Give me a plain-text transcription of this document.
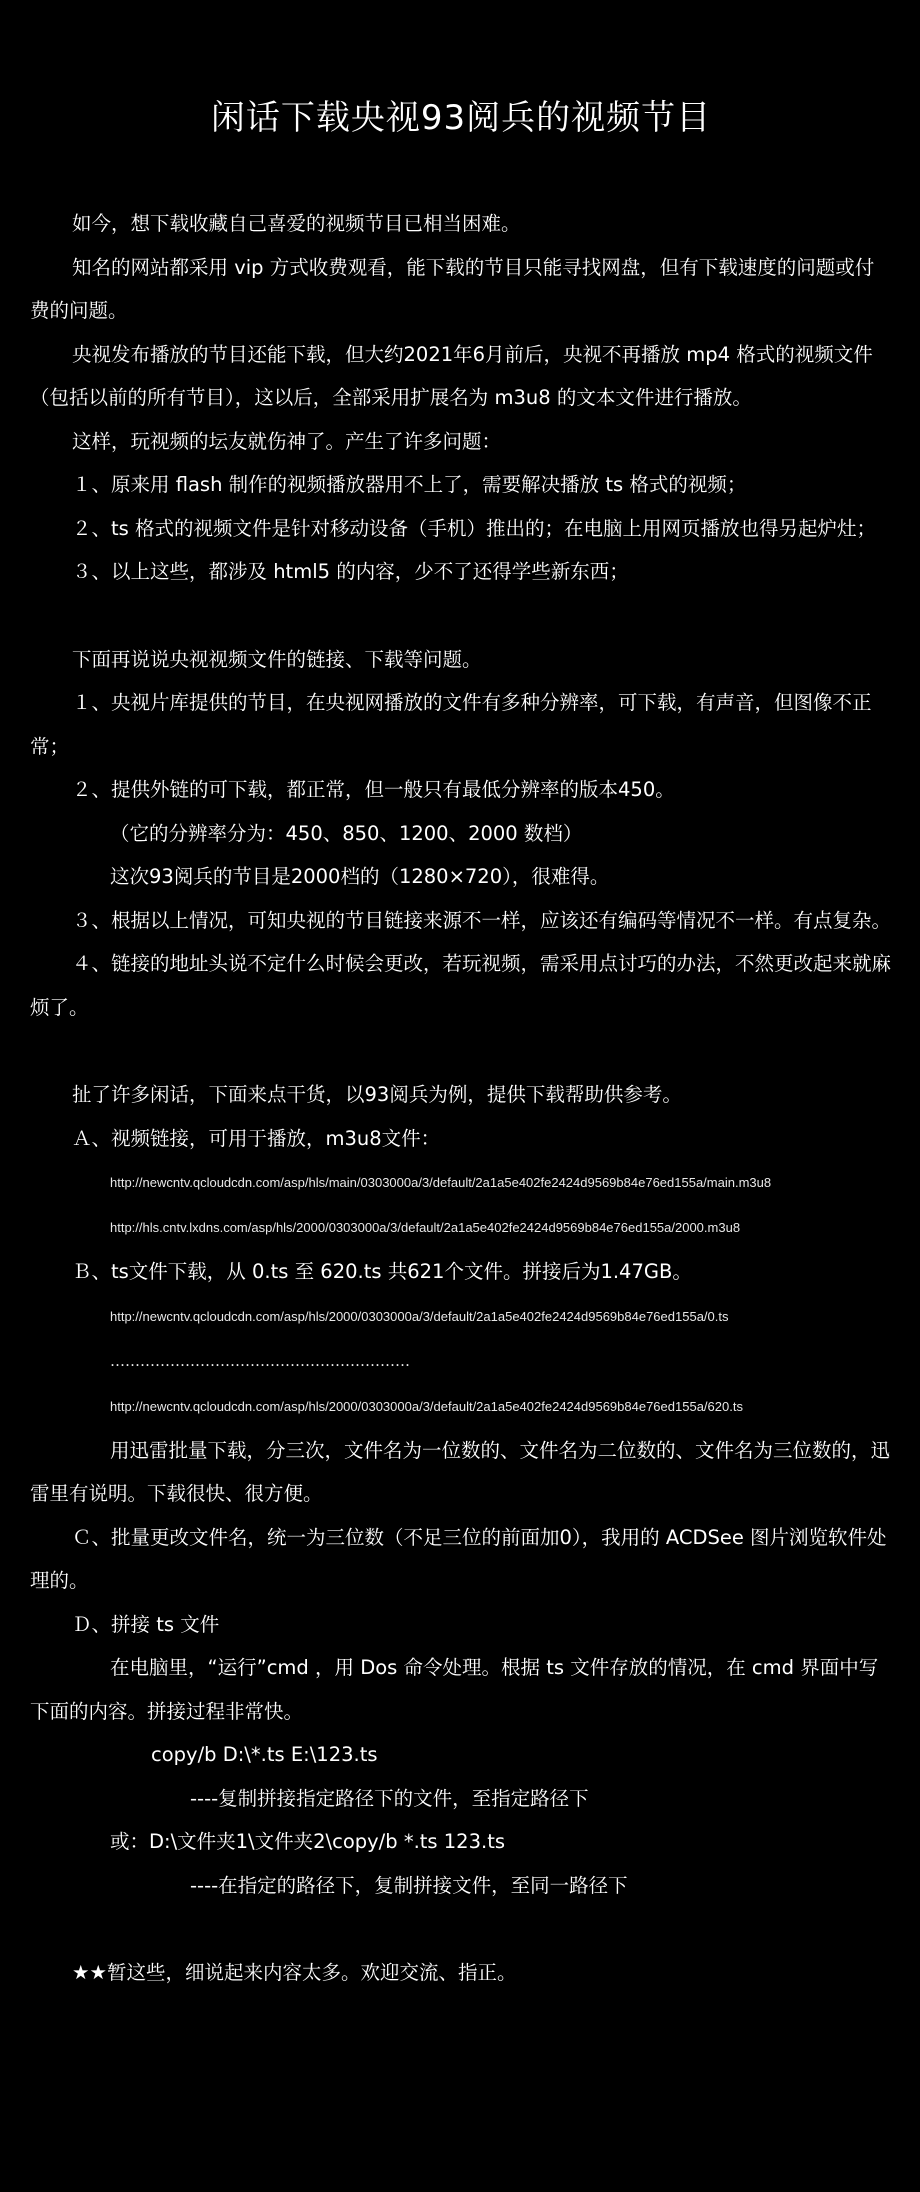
闲话下载央视93阅兵的视频节目

如今，想下载收藏自己喜爱的视频节目已相当困难。

知名的网站都采用 vip 方式收费观看，能下载的节目只能寻找网盘，但有下载速度的问题或付费的问题。

央视发布播放的节目还能下载，但大约2021年6月前后，央视不再播放 mp4 格式的视频文件（包括以前的所有节目），这以后，全部采用扩展名为 m3u8 的文本文件进行播放。

这样，玩视频的坛友就伤神了。产生了许多问题：

１、原来用 flash 制作的视频播放器用不上了，需要解决播放 ts 格式的视频；

２、ts 格式的视频文件是针对移动设备（手机）推出的；在电脑上用网页播放也得另起炉灶；

３、以上这些，都涉及 html5 的内容，少不了还得学些新东西；

下面再说说央视视频文件的链接、下载等问题。

１、央视片库提供的节目，在央视网播放的文件有多种分辨率，可下载，有声音，但图像不正常；

２、提供外链的可下载，都正常，但一般只有最低分辨率的版本450。

（它的分辨率分为：450、850、1200、2000 数档）
这次93阅兵的节目是2000档的（1280×720），很难得。

３、根据以上情况，可知央视的节目链接来源不一样，应该还有编码等情况不一样。有点复杂。

４、链接的地址头说不定什么时候会更改，若玩视频，需采用点讨巧的办法，不然更改起来就麻烦了。

扯了许多闲话，下面来点干货，以93阅兵为例，提供下载帮助供参考。

Ａ、视频链接，可用于播放，m3u8文件：

http://newcntv.qcloudcdn.com/asp/hls/main/0303000a/3/default/2a1a5e402fe2424d9569b84e76ed155a/main.m3u8
http://hls.cntv.lxdns.com/asp/hls/2000/0303000a/3/default/2a1a5e402fe2424d9569b84e76ed155a/2000.m3u8

Ｂ、ts文件下载，从 0.ts 至 620.ts 共621个文件。拼接后为1.47GB。

http://newcntv.qcloudcdn.com/asp/hls/2000/0303000a/3/default/2a1a5e402fe2424d9569b84e76ed155a/0.ts
……………………………………………………
http://newcntv.qcloudcdn.com/asp/hls/2000/0303000a/3/default/2a1a5e402fe2424d9569b84e76ed155a/620.ts

用迅雷批量下载，分三次，文件名为一位数的、文件名为二位数的、文件名为三位数的，迅雷里有说明。下载很快、很方便。

Ｃ、批量更改文件名，统一为三位数（不足三位的前面加0），我用的 ACDSee 图片浏览软件处理的。

Ｄ、拼接 ts 文件

在电脑里，“运行”cmd ，用 Dos 命令处理。根据 ts 文件存放的情况，在 cmd 界面中写下面的内容。拼接过程非常快。

copy/b D:\*.ts E:\123.ts
----复制拼接指定路径下的文件，至指定路径下
或：D:\文件夹1\文件夹2\copy/b *.ts 123.ts
----在指定的路径下，复制拼接文件，至同一路径下

★★暂这些，细说起来内容太多。欢迎交流、指正。
